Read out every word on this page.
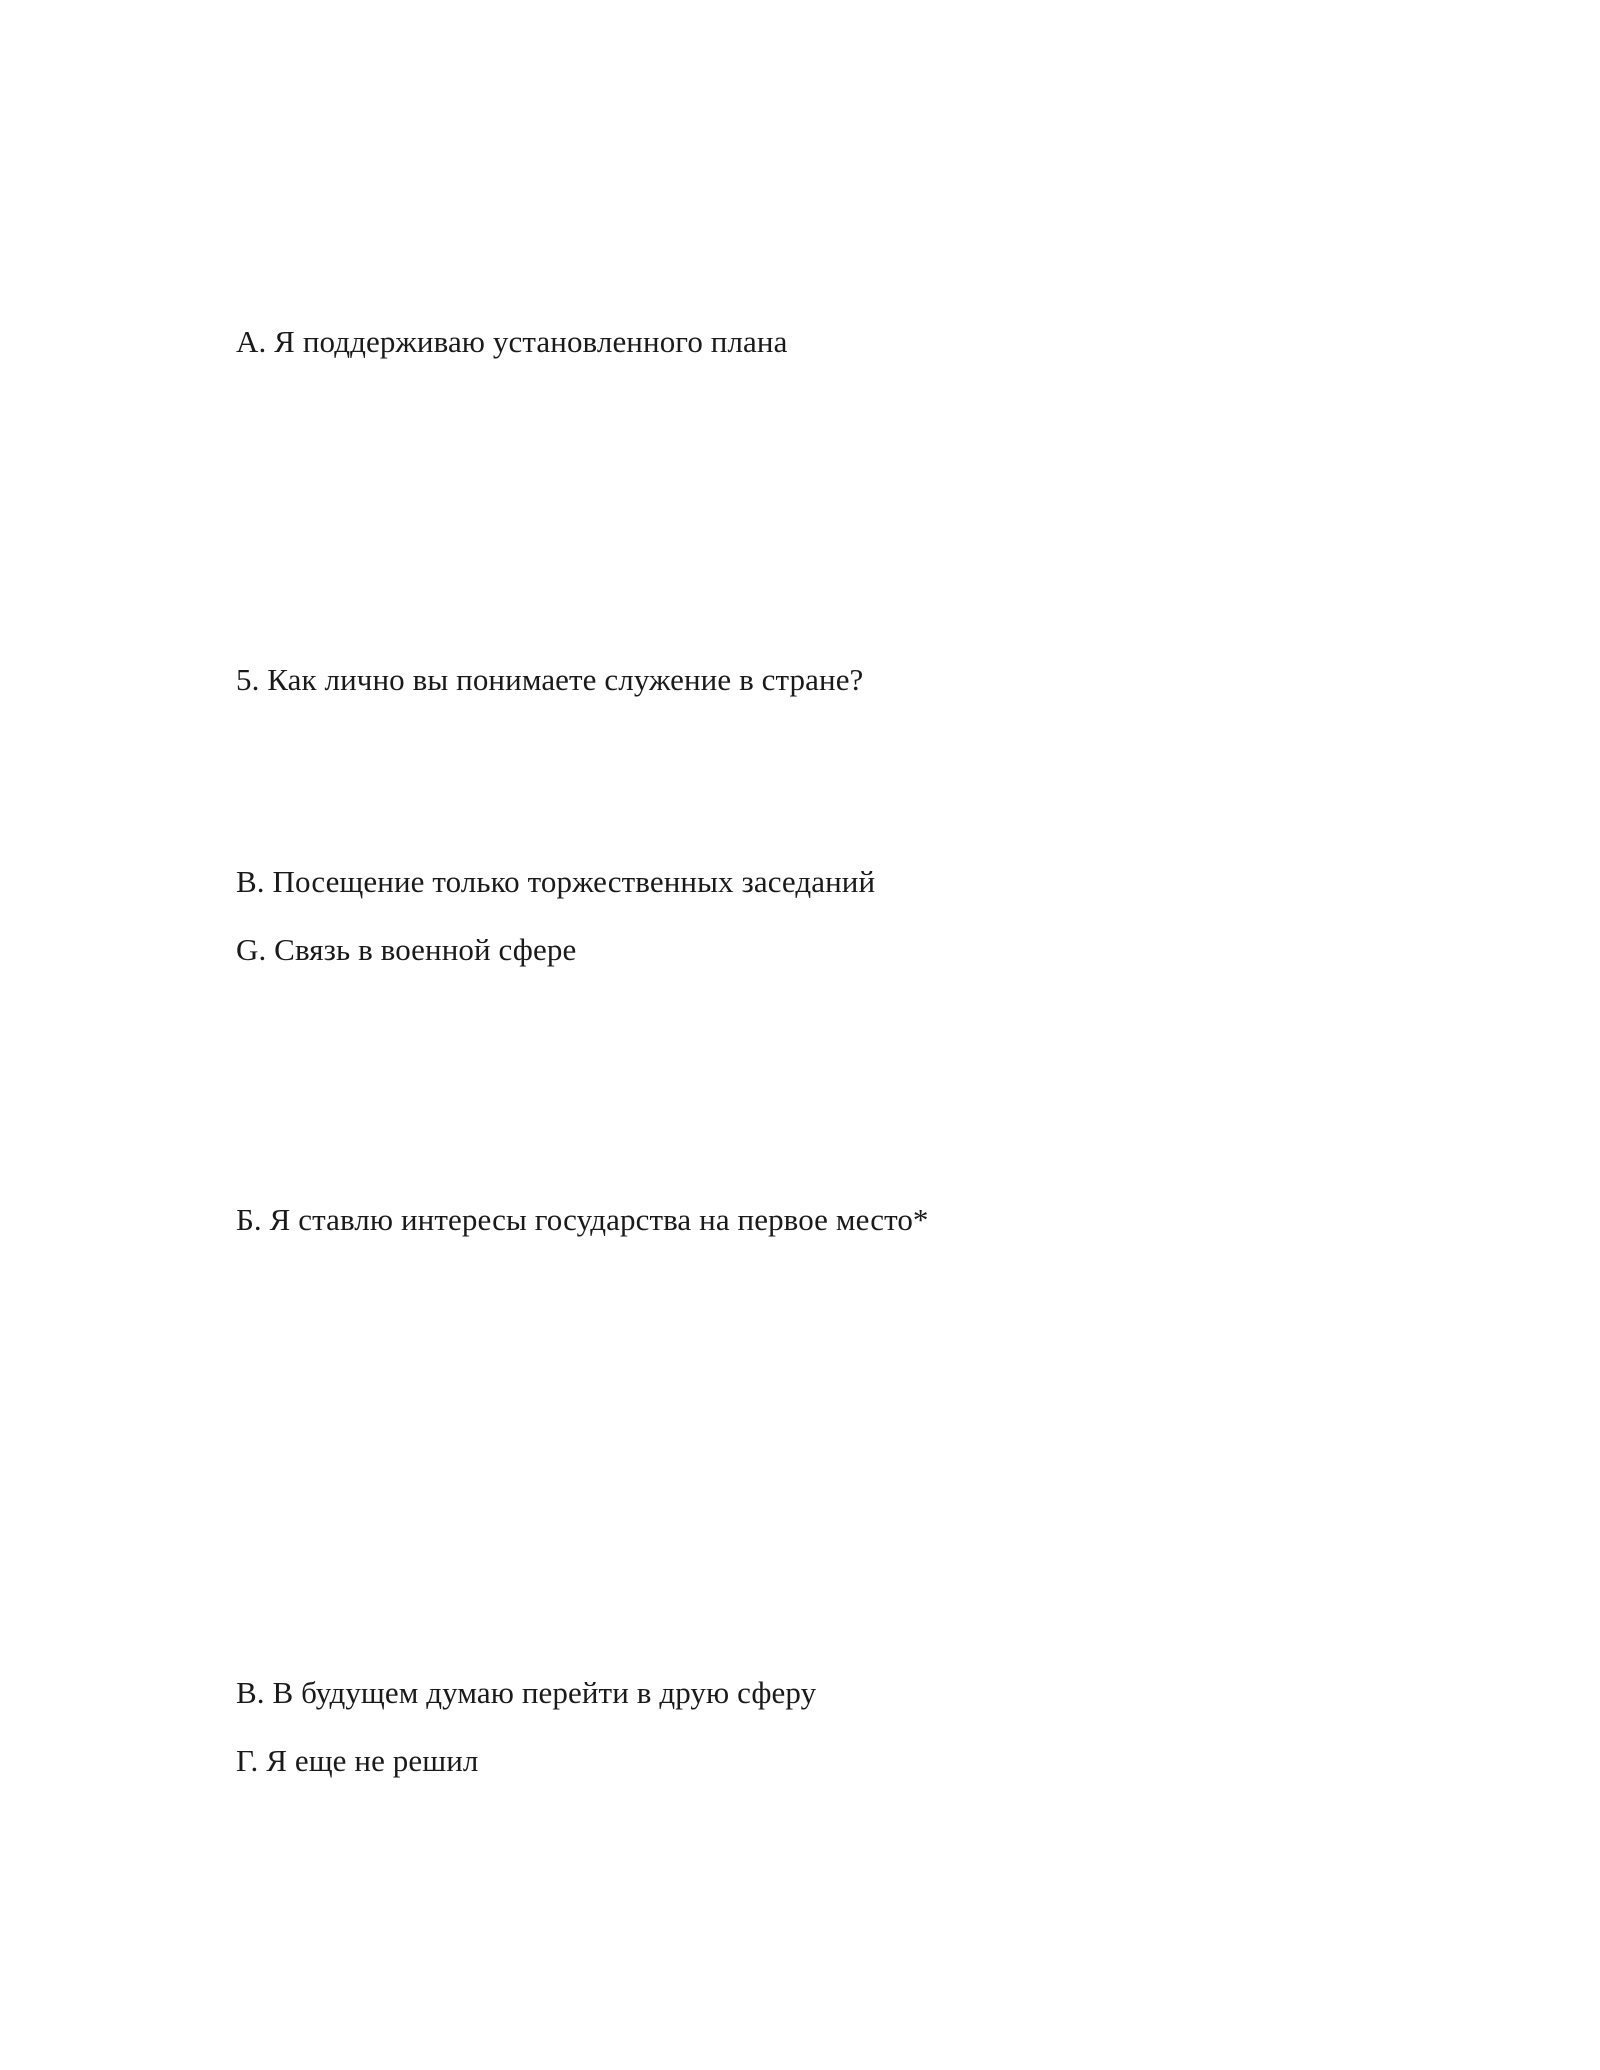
А. Я поддерживаю установленного плана
5. Как лично вы понимаете служение в стране?
В. Посещение только торжественных заседаний
G. Связь в военной сфере
Б. Я ставлю интересы государства на первое место*
В. В будущем думаю перейти в друю сферу
Г. Я еще не решил
